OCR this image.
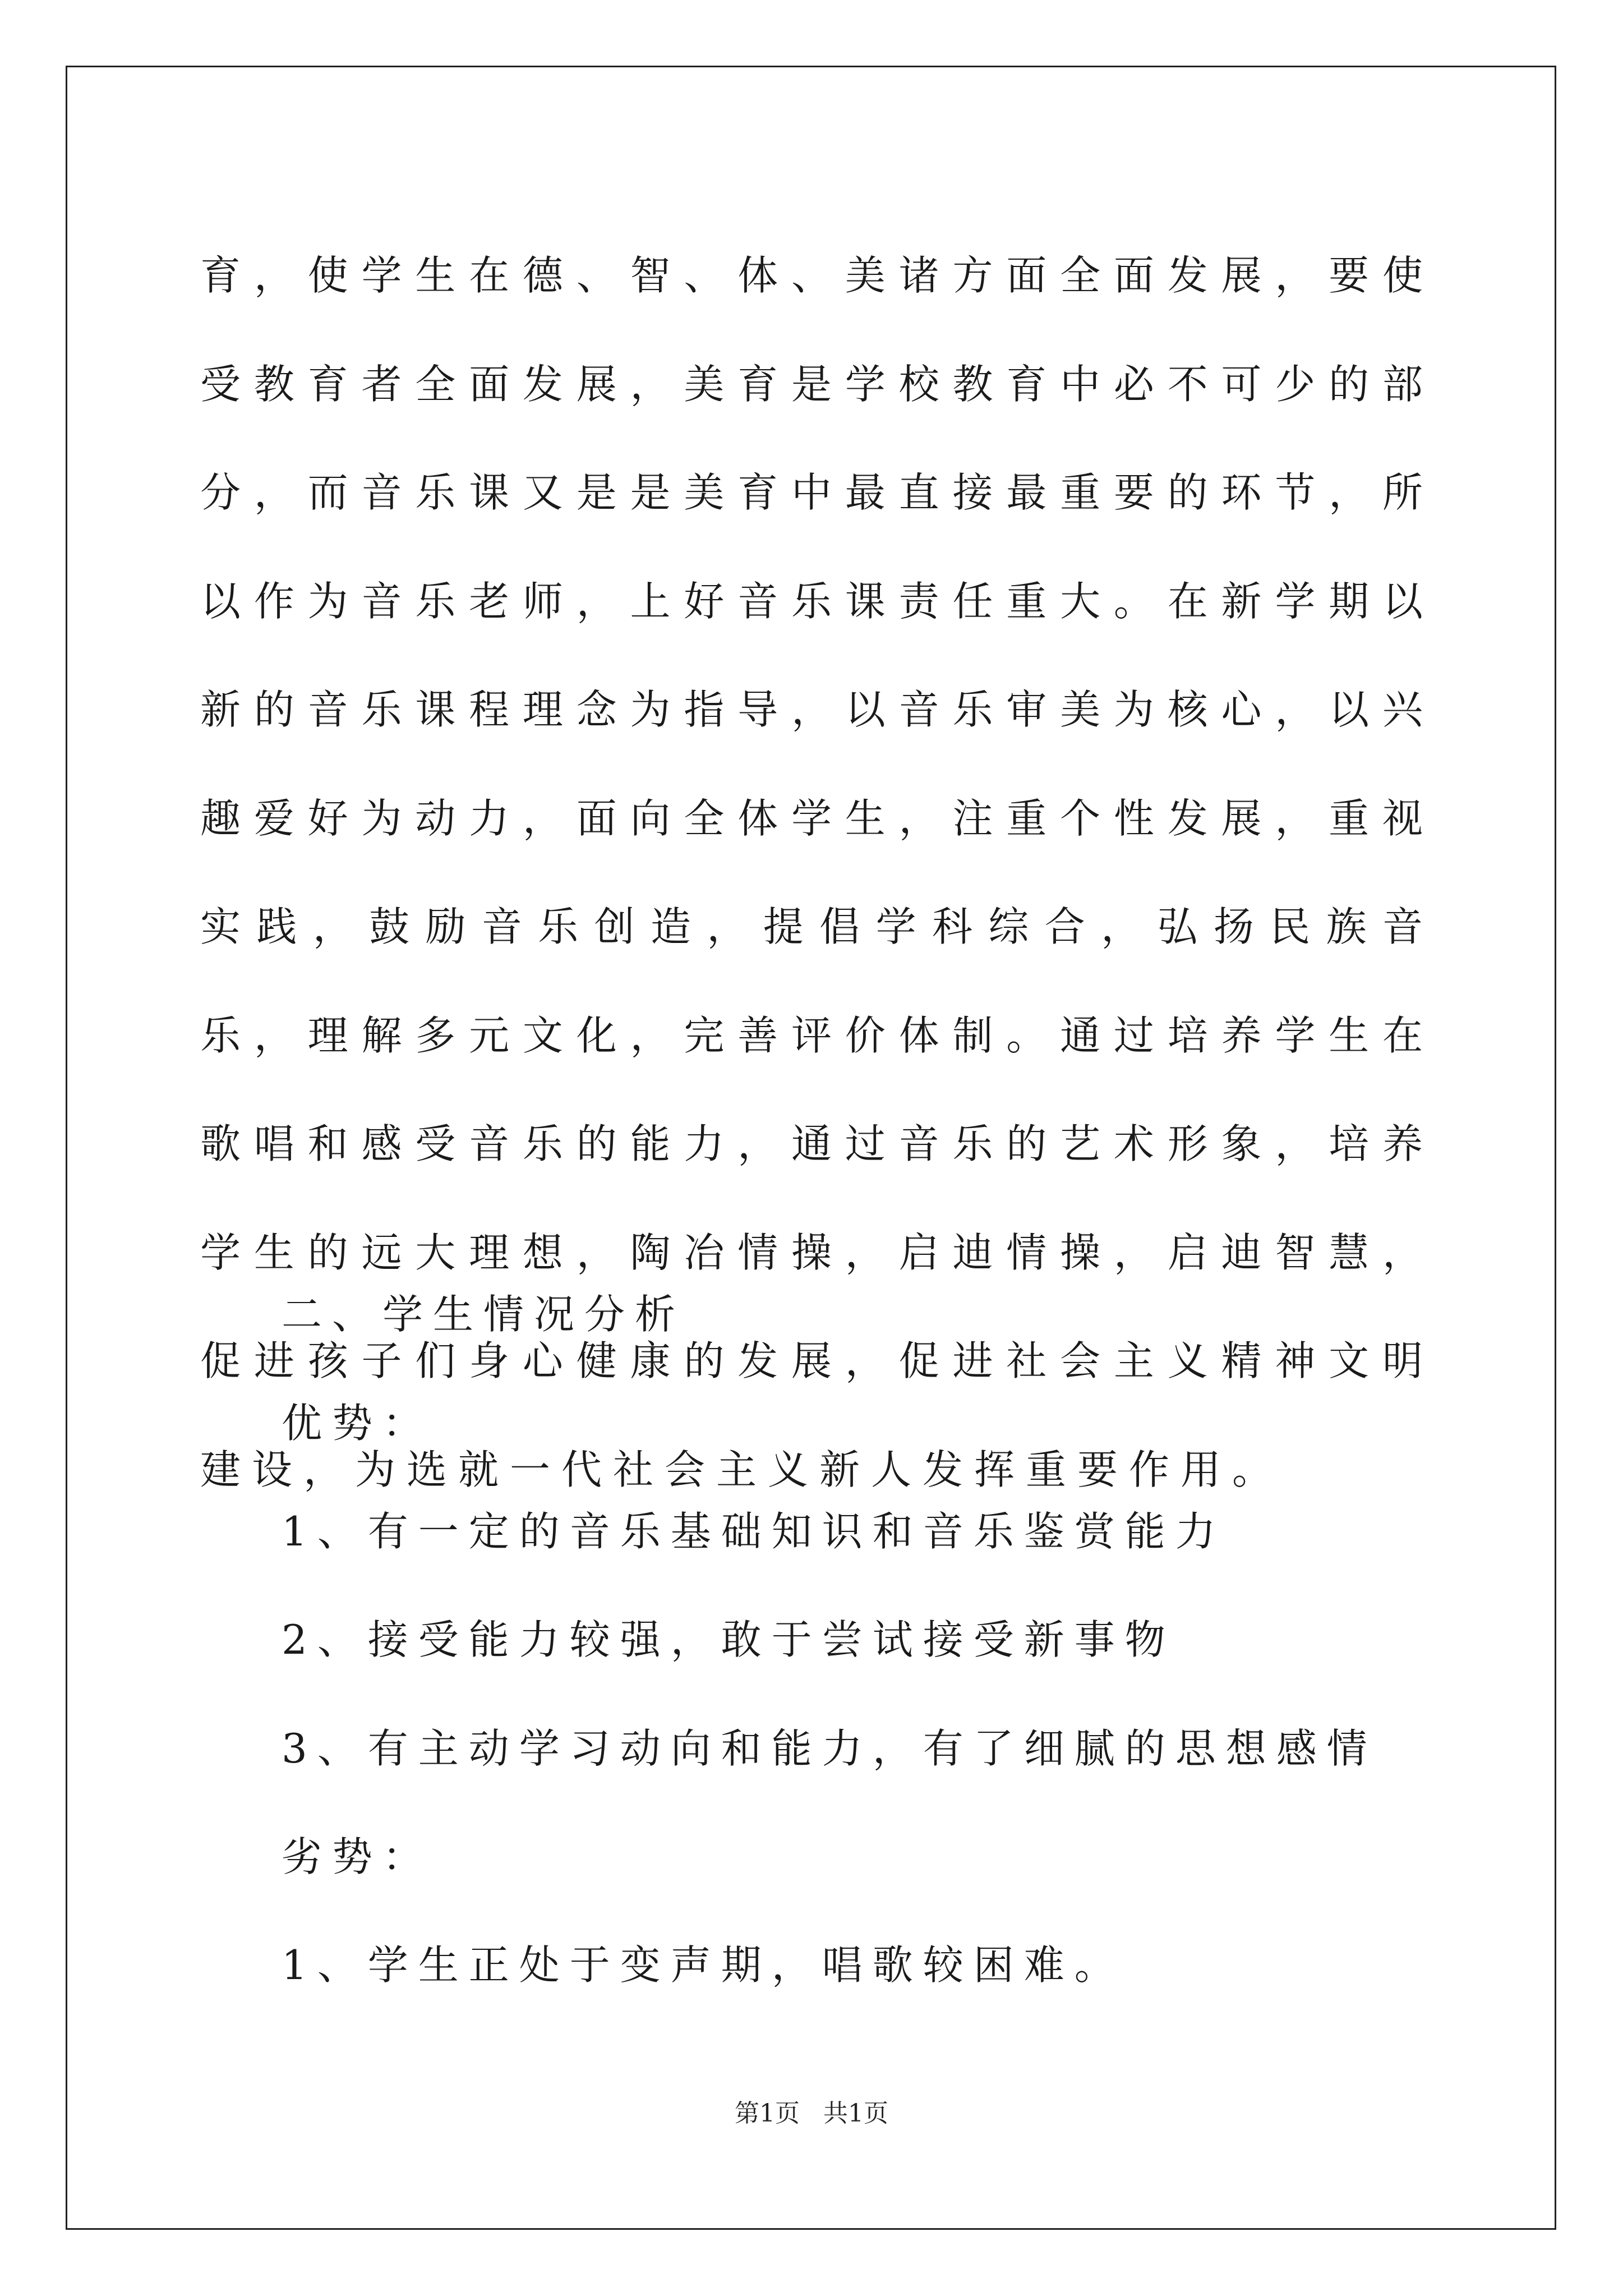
育，使学生在德、智、体、美诸方面全面发展，要使受教育者全面发展，美育是学校教育中必不可少的部分，而音乐课又是是美育中最直接最重要的环节，所以作为音乐老师，上好音乐课责任重大。在新学期以新的音乐课程理念为指导，以音乐审美为核心，以兴趣爱好为动力，面向全体学生，注重个性发展，重视实践，鼓励音乐创造，提倡学科综合，弘扬民族音乐，理解多元文化，完善评价体制。通过培养学生在歌唱和感受音乐的能力，通过音乐的艺术形象，培养学生的远大理想，陶冶情操，启迪情操，启迪智慧，促进孩子们身心健康的发展，促进社会主义精神文明建设，为选就一代社会主义新人发挥重要作用。

二、学生情况分析

优势：

1、有一定的音乐基础知识和音乐鉴赏能力

2、接受能力较强，敢于尝试接受新事物

3、有主动学习动向和能力，有了细腻的思想感情

劣势：

1、学生正处于变声期，唱歌较困难。

第1页   共1页
